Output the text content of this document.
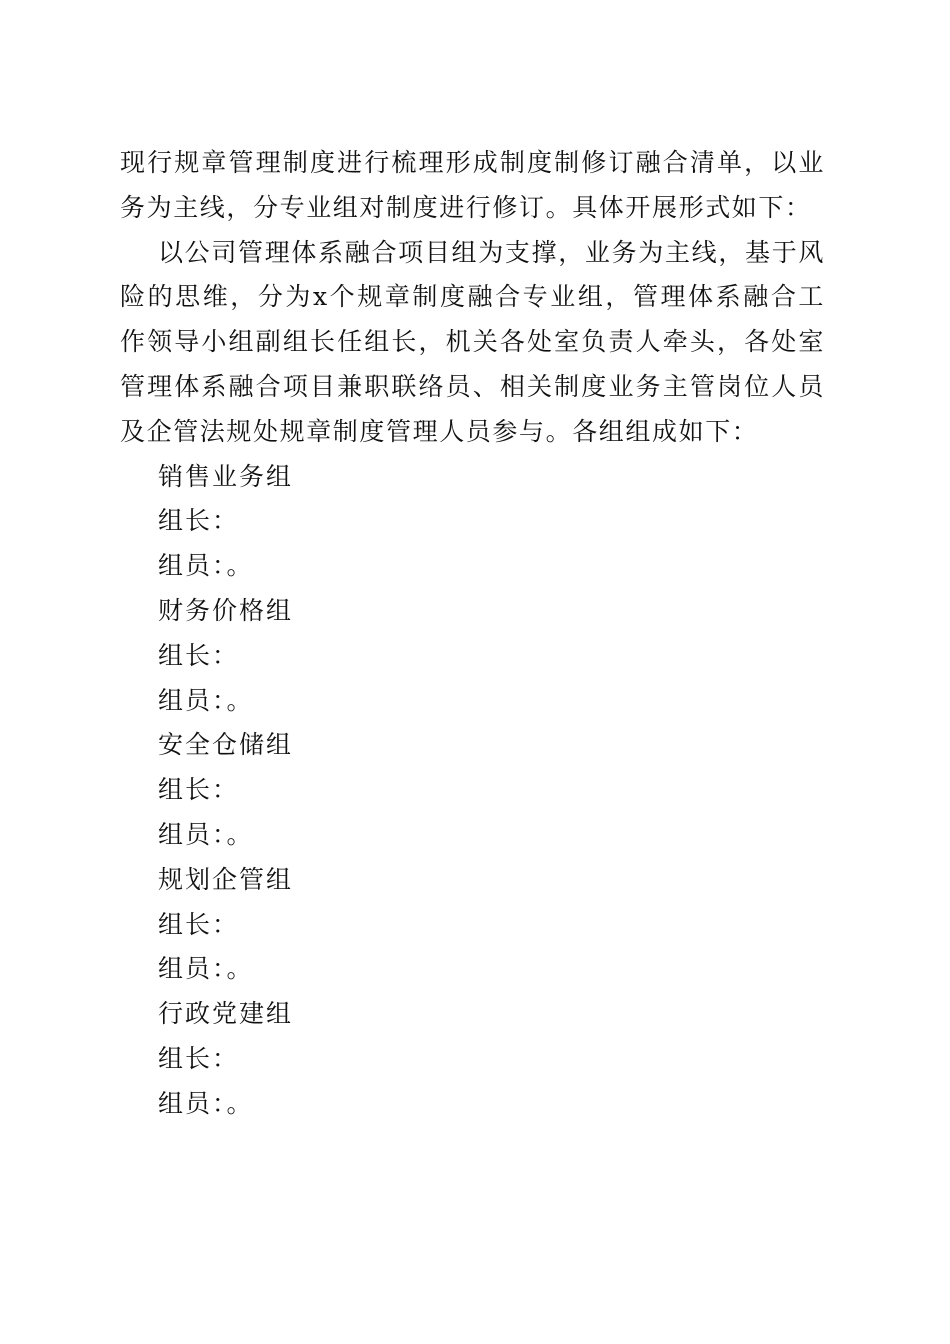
现行规章管理制度进行梳理形成制度制修订融合清单，以业务为主线，分专业组对制度进行修订。具体开展形式如下：

以公司管理体系融合项目组为支撑，业务为主线，基于风险的思维，分为x个规章制度融合专业组，管理体系融合工作领导小组副组长任组长，机关各处室负责人牵头，各处室管理体系融合项目兼职联络员、相关制度业务主管岗位人员及企管法规处规章制度管理人员参与。各组组成如下：

销售业务组

组长：

组员：。

财务价格组

组长：

组员：。

安全仓储组

组长：

组员：。

规划企管组

组长：

组员：。

行政党建组

组长：

组员：。
